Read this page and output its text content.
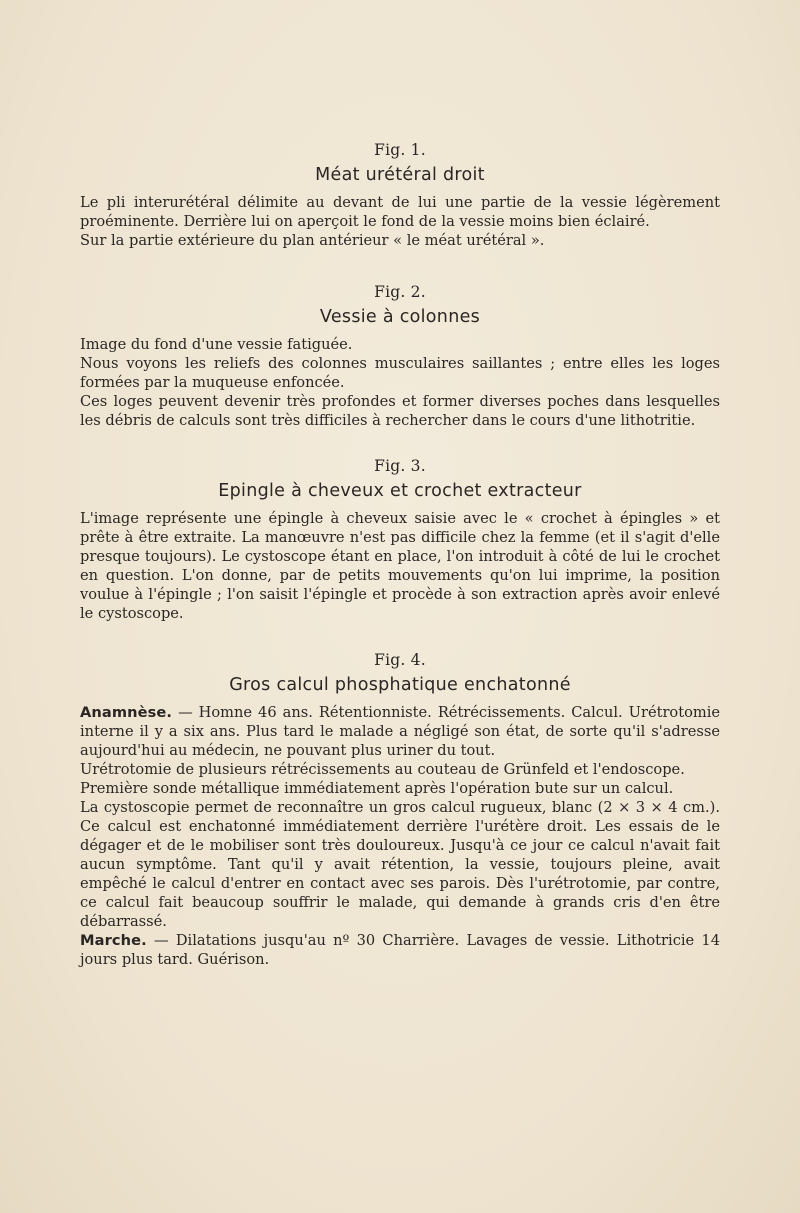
Fig. 1.
Méat urétéral droit

Le pli interurétéral délimite au devant de lui une partie de la vessie légèrement proéminente. Derrière lui on aperçoit le fond de la vessie moins bien éclairé.

Sur la partie extérieure du plan antérieur « le méat urétéral ».

Fig. 2.
Vessie à colonnes

Image du fond d'une vessie fatiguée.

Nous voyons les reliefs des colonnes musculaires saillantes ; entre elles les loges formées par la muqueuse enfoncée.

Ces loges peuvent devenir très profondes et former diverses poches dans lesquelles les débris de calculs sont très difficiles à rechercher dans le cours d'une lithotritie.

Fig. 3.
Epingle à cheveux et crochet extracteur

L'image représente une épingle à cheveux saisie avec le « crochet à épingles » et prête à être extraite. La manœuvre n'est pas difficile chez la femme (et il s'agit d'elle presque toujours). Le cystoscope étant en place, l'on introduit à côté de lui le crochet en question. L'on donne, par de petits mouvements qu'on lui imprime, la position voulue à l'épingle ; l'on saisit l'épingle et procède à son extraction après avoir enlevé le cystoscope.

Fig. 4.
Gros calcul phosphatique enchatonné

Anamnèse. — Homne 46 ans. Rétentionniste. Rétrécissements. Calcul. Urétrotomie interne il y a six ans. Plus tard le malade a négligé son état, de sorte qu'il s'adresse aujourd'hui au médecin, ne pouvant plus uriner du tout.

Urétrotomie de plusieurs rétrécissements au couteau de Grünfeld et l'endoscope.

Première sonde métallique immédiatement après l'opération bute sur un calcul.

La cystoscopie permet de reconnaître un gros calcul rugueux, blanc (2 × 3 × 4 cm.). Ce calcul est enchatonné immédiatement derrière l'urétère droit. Les essais de le dégager et de le mobiliser sont très douloureux. Jusqu'à ce jour ce calcul n'avait fait aucun symptôme. Tant qu'il y avait rétention, la vessie, toujours pleine, avait empêché le calcul d'entrer en contact avec ses parois. Dès l'urétrotomie, par contre, ce calcul fait beaucoup souffrir le malade, qui demande à grands cris d'en être débarrassé.

Marche. — Dilatations jusqu'au nº 30 Charrière. Lavages de vessie. Lithotricie 14 jours plus tard. Guérison.
